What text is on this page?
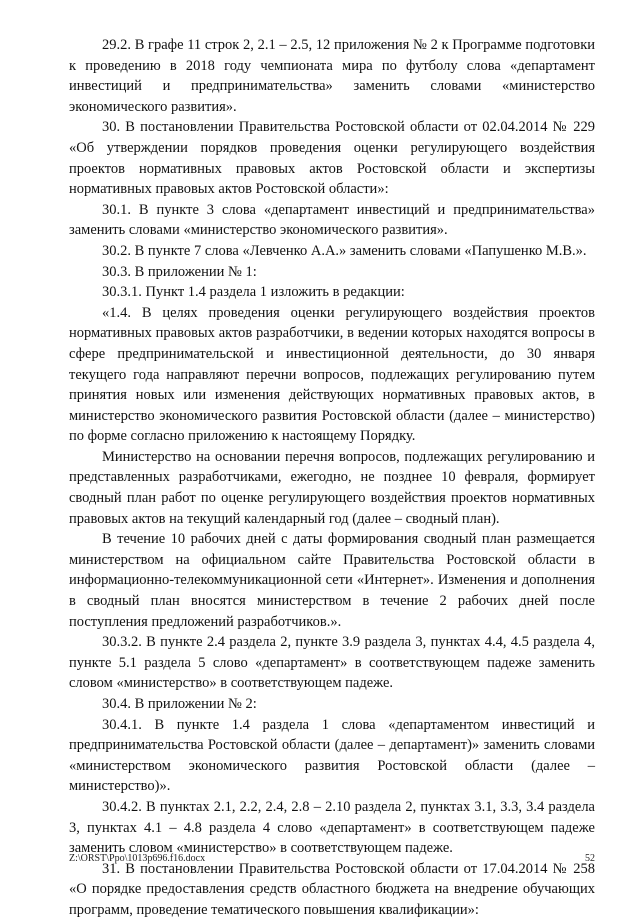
29.2. В графе 11 строк 2, 2.1 – 2.5, 12 приложения № 2 к Программе подготовки к проведению в 2018 году чемпионата мира по футболу слова «департамент инвестиций и предпринимательства» заменить словами «министерство экономического развития».

30. В постановлении Правительства Ростовской области от 02.04.2014 № 229 «Об утверждении порядков проведения оценки регулирующего воздействия проектов нормативных правовых актов Ростовской области и экспертизы нормативных правовых актов Ростовской области»:

30.1. В пункте 3 слова «департамент инвестиций и предпринимательства» заменить словами «министерство экономического развития».

30.2. В пункте 7 слова «Левченко А.А.» заменить словами «Папушенко М.В.».

30.3. В приложении № 1:

30.3.1. Пункт 1.4 раздела 1 изложить в редакции:

«1.4. В целях проведения оценки регулирующего воздействия проектов нормативных правовых актов разработчики, в ведении которых находятся вопросы в сфере предпринимательской и инвестиционной деятельности, до 30 января текущего года направляют перечни вопросов, подлежащих регулированию путем принятия новых или изменения действующих нормативных правовых актов, в министерство экономического развития Ростовской области (далее – министерство) по форме согласно приложению к настоящему Порядку.

Министерство на основании перечня вопросов, подлежащих регулированию и представленных разработчиками, ежегодно, не позднее 10 февраля, формирует сводный план работ по оценке регулирующего воздействия проектов нормативных правовых актов на текущий календарный год (далее – сводный план).

В течение 10 рабочих дней с даты формирования сводный план размещается министерством на официальном сайте Правительства Ростовской области в информационно-телекоммуникационной сети «Интернет». Изменения и дополнения в сводный план вносятся министерством в течение 2 рабочих дней после поступления предложений разработчиков.».

30.3.2. В пункте 2.4 раздела 2, пункте 3.9 раздела 3, пунктах 4.4, 4.5 раздела 4, пункте 5.1 раздела 5 слово «департамент» в соответствующем падеже заменить словом «министерство» в соответствующем падеже.

30.4. В приложении № 2:

30.4.1. В пункте 1.4 раздела 1 слова «департаментом инвестиций и предпринимательства Ростовской области (далее – департамент)» заменить словами «министерством экономического развития Ростовской области (далее – министерство)».

30.4.2. В пунктах 2.1, 2.2, 2.4, 2.8 – 2.10 раздела 2, пунктах 3.1, 3.3, 3.4 раздела 3, пунктах 4.1 – 4.8 раздела 4 слово «департамент» в соответствующем падеже заменить словом «министерство» в соответствующем падеже.

31. В постановлении Правительства Ростовской области от 17.04.2014 № 258 «О порядке предоставления средств областного бюджета на внедрение обучающих программ, проведение тематического повышения квалификации»:

Z:\ORST\Ppo\1013p696.f16.docx	52
